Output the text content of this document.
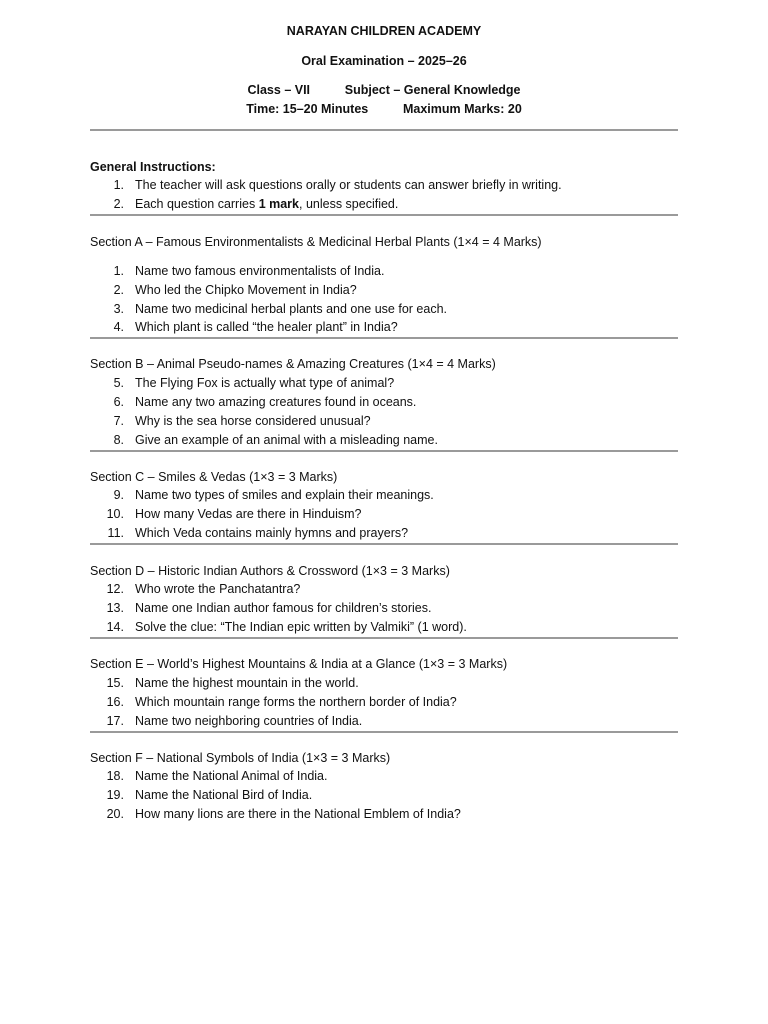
NARAYAN CHILDREN ACADEMY
Oral Examination – 2025–26
Class – VII	Subject – General Knowledge
Time: 15–20 Minutes	Maximum Marks: 20
General Instructions:
1. The teacher will ask questions orally or students can answer briefly in writing.
2. Each question carries 1 mark, unless specified.
Section A – Famous Environmentalists & Medicinal Herbal Plants (1×4 = 4 Marks)
1. Name two famous environmentalists of India.
2. Who led the Chipko Movement in India?
3. Name two medicinal herbal plants and one use for each.
4. Which plant is called “the healer plant” in India?
Section B – Animal Pseudo-names & Amazing Creatures (1×4 = 4 Marks)
5. The Flying Fox is actually what type of animal?
6. Name any two amazing creatures found in oceans.
7. Why is the sea horse considered unusual?
8. Give an example of an animal with a misleading name.
Section C – Smiles & Vedas (1×3 = 3 Marks)
9. Name two types of smiles and explain their meanings.
10. How many Vedas are there in Hinduism?
11. Which Veda contains mainly hymns and prayers?
Section D – Historic Indian Authors & Crossword (1×3 = 3 Marks)
12. Who wrote the Panchatantra?
13. Name one Indian author famous for children’s stories.
14. Solve the clue: “The Indian epic written by Valmiki” (1 word).
Section E – World’s Highest Mountains & India at a Glance (1×3 = 3 Marks)
15. Name the highest mountain in the world.
16. Which mountain range forms the northern border of India?
17. Name two neighboring countries of India.
Section F – National Symbols of India (1×3 = 3 Marks)
18. Name the National Animal of India.
19. Name the National Bird of India.
20. How many lions are there in the National Emblem of India?
